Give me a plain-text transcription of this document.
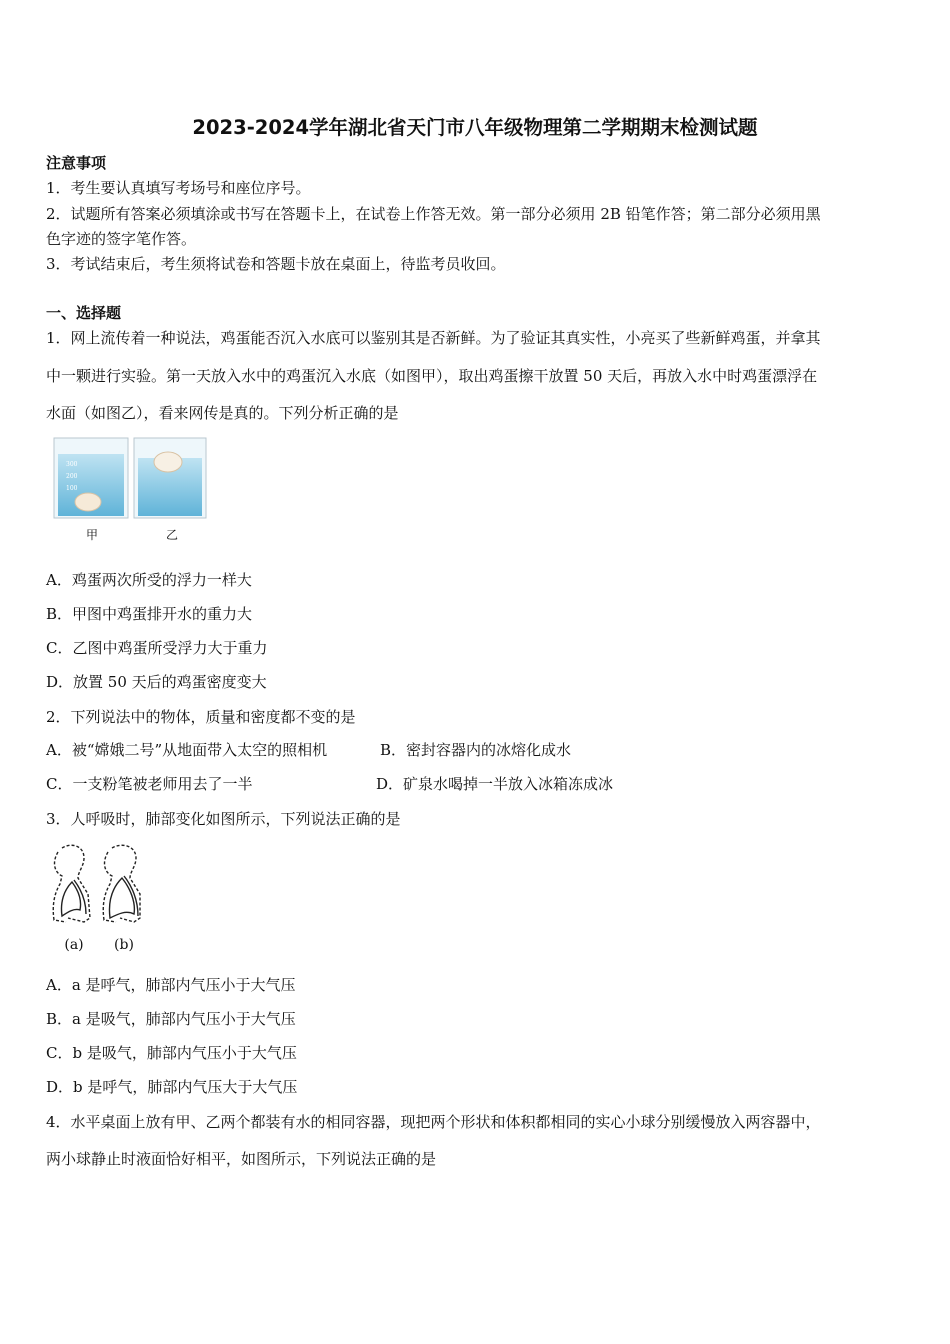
2023-2024学年湖北省天门市八年级物理第二学期期末检测试题
注意事项
1．考生要认真填写考场号和座位序号。
2．试题所有答案必须填涂或书写在答题卡上，在试卷上作答无效。第一部分必须用 2B 铅笔作答；第二部分必须用黑
色字迹的签字笔作答。
3．考试结束后，考生须将试卷和答题卡放在桌面上，待监考员收回。
一、选择题
1．网上流传着一种说法，鸡蛋能否沉入水底可以鉴别其是否新鲜。为了验证其真实性，小亮买了些新鲜鸡蛋，并拿其
中一颗进行实验。第一天放入水中的鸡蛋沉入水底（如图甲），取出鸡蛋擦干放置 50 天后，再放入水中时鸡蛋漂浮在
水面（如图乙），看来网传是真的。下列分析正确的是
300
200
100
甲	乙
A．鸡蛋两次所受的浮力一样大
B．甲图中鸡蛋排开水的重力大
C．乙图中鸡蛋所受浮力大于重力
D．放置 50 天后的鸡蛋密度变大
2．下列说法中的物体，质量和密度都不变的是
A．被“嫦娥二号”从地面带入太空的照相机	B．密封容器内的冰熔化成水
C．一支粉笔被老师用去了一半	D．矿泉水喝掉一半放入冰箱冻成冰
3．人呼吸时，肺部变化如图所示，下列说法正确的是
(a)	(b)
A．a 是呼气，肺部内气压小于大气压
B．a 是吸气，肺部内气压小于大气压
C．b 是吸气，肺部内气压小于大气压
D．b 是呼气，肺部内气压大于大气压
4．水平桌面上放有甲、乙两个都装有水的相同容器，现把两个形状和体积都相同的实心小球分别缓慢放入两容器中，
两小球静止时液面恰好相平，如图所示，下列说法正确的是
